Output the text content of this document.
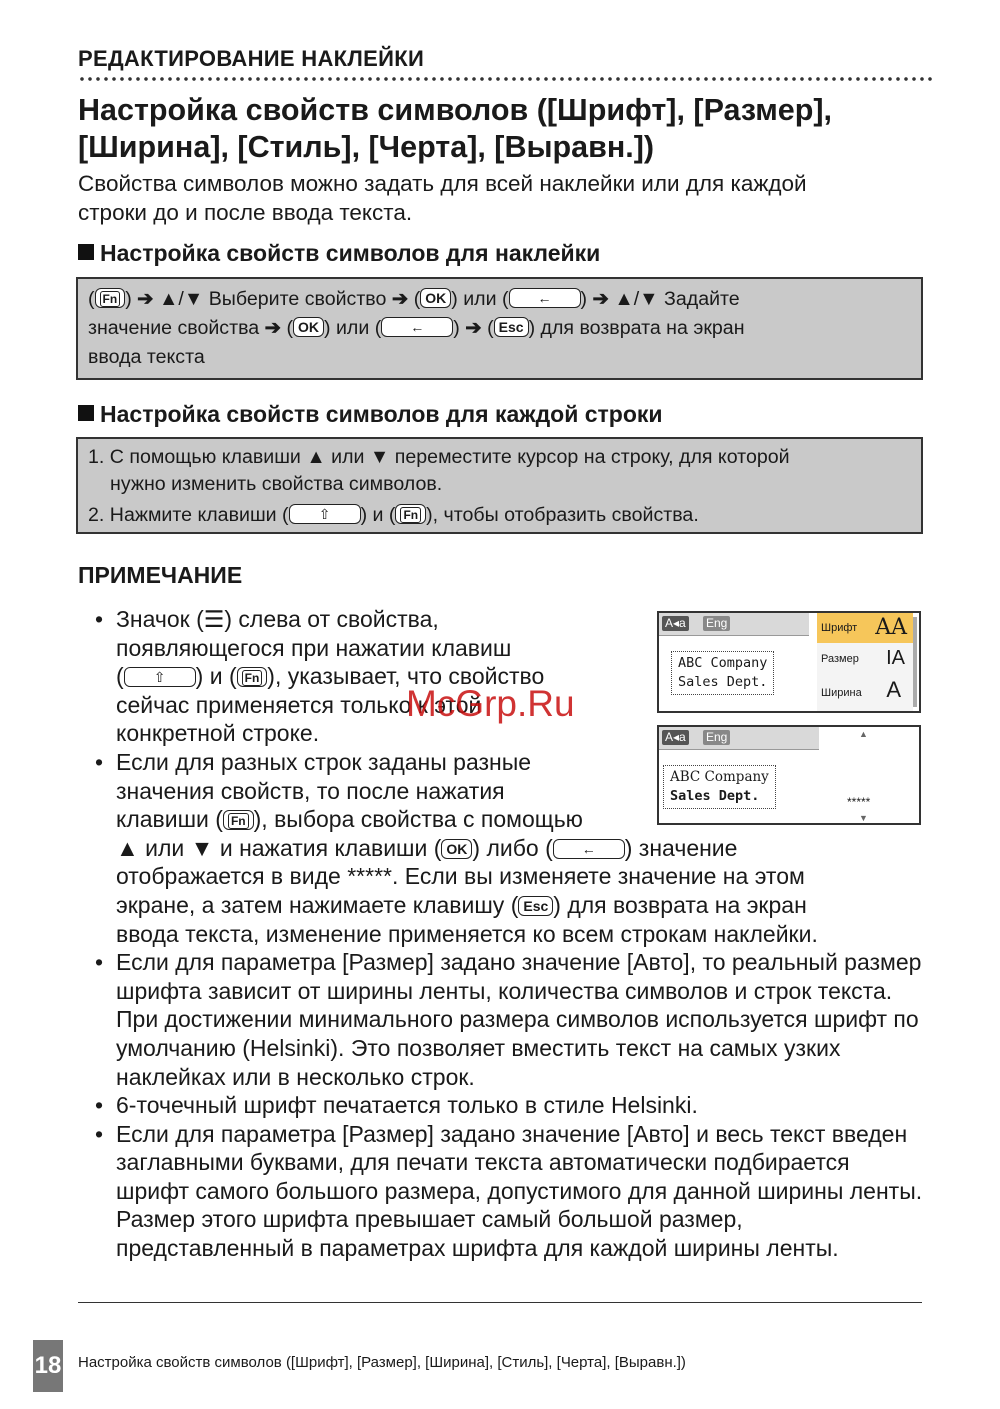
РЕДАКТИРОВАНИЕ НАКЛЕЙКИ
Настройка свойств символов ([Шрифт], [Размер],
[Ширина], [Стиль], [Черта], [Выравн.])
Свойства символов можно задать для всей наклейки или для каждой
строки до и после ввода текста.
Настройка свойств символов для наклейки
( Fn ) ➔ ▲/▼ Выберите свойство ➔ ( OK ) или ( ← ) ➔ ▲/▼ Задайте
значение свойства ➔ ( OK ) или ( ← ) ➔ ( Esc ) для возврата на экран
ввода текста
Настройка свойств символов для каждой строки
1. С помощью клавиши ▲ или ▼ переместите курсор на строку, для которой
нужно изменить свойства символов.
2. Нажмите клавиши ( ⇧ ) и ( Fn ), чтобы отобразить свойства.
ПРИМЕЧАНИЕ
A◂a Eng
ABC Company
Sales Dept.
Шрифт AA
Размер IA
Ширина A
A◂a Eng
ABC Company
Sales Dept.
▲
*****
▼
• Значок (☰) слева от свойства,
появляющегося при нажатии клавиш
( ⇧ ) и ( Fn ), указывает, что свойство
сейчас применяется только к этой
конкретной строке.
• Если для разных строк заданы разные
значения свойств, то после нажатия
клавиши ( Fn ), выбора свойства с помощью
▲ или ▼ и нажатия клавиши ( OK ) либо ( ← ) значение
отображается в виде *****. Если вы изменяете значение на этом
экране, а затем нажимаете клавишу ( Esc ) для возврата на экран
ввода текста, изменение применяется ко всем строкам наклейки.
• Если для параметра [Размер] задано значение [Авто], то реальный размер шрифта зависит от ширины ленты, количества символов и строк текста. При достижении минимального размера символов используется шрифт по умолчанию (Helsinki). Это позволяет вместить текст на самых узких наклейках или в несколько строк.
• 6-точечный шрифт печатается только в стиле Helsinki.
• Если для параметра [Размер] задано значение [Авто] и весь текст введен заглавными буквами, для печати текста автоматически подбирается шрифт самого большого размера, допустимого для данной ширины ленты. Размер этого шрифта превышает самый большой размер, представленный в параметрах шрифта для каждой ширины ленты.
McGrp.Ru
18 Настройка свойств символов ([Шрифт], [Размер], [Ширина], [Стиль], [Черта], [Выравн.])
